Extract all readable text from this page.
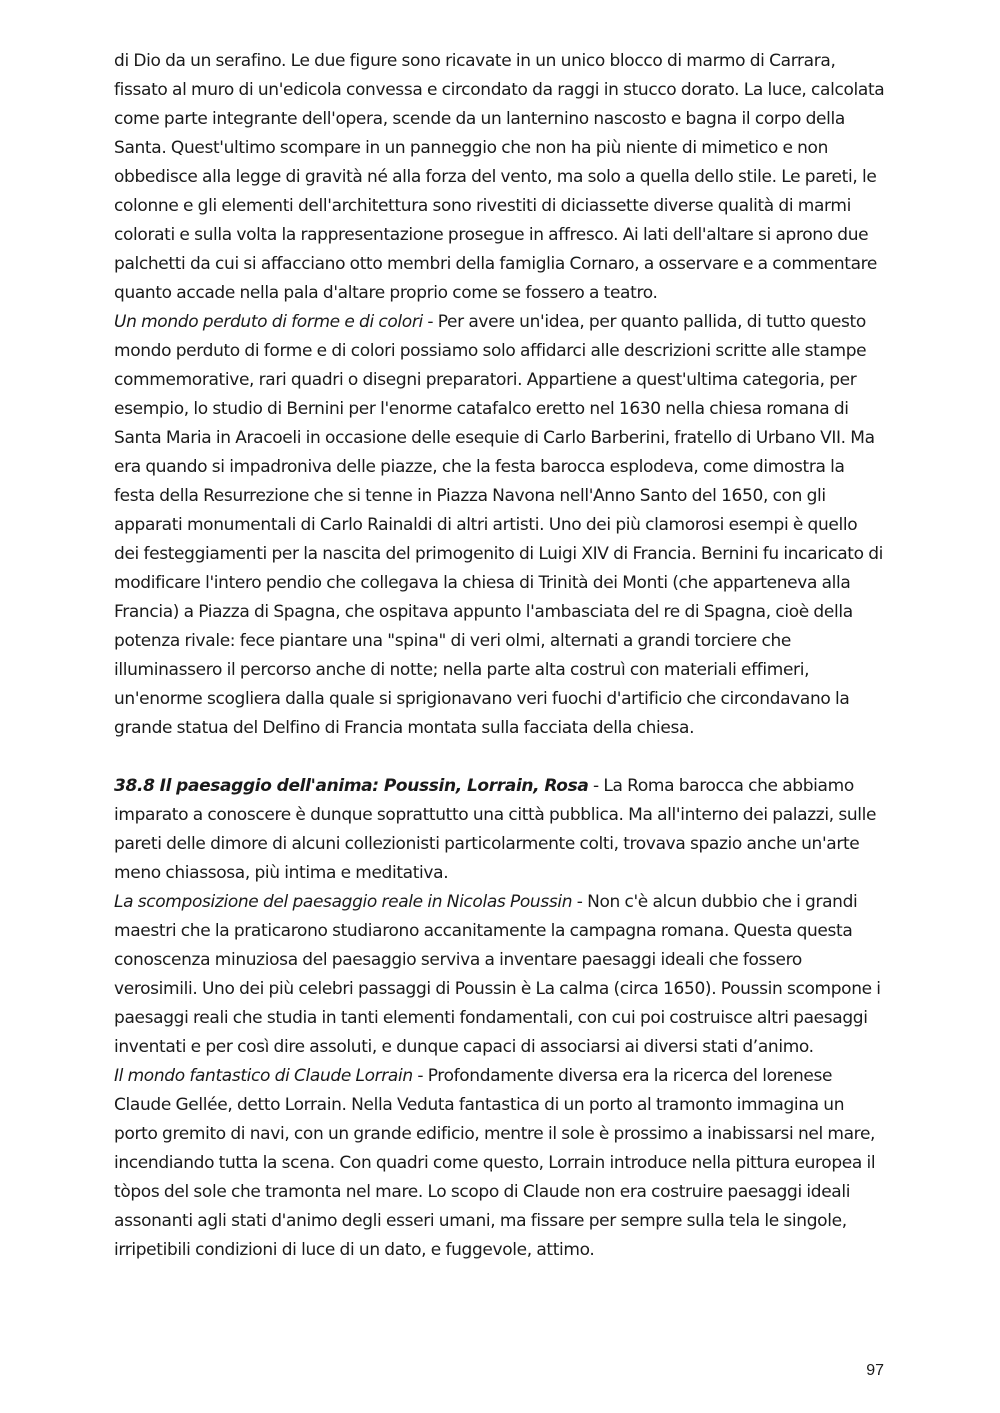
di Dio da un serafino. Le due figure sono ricavate in un unico blocco di marmo di Carrara, fissato al muro di un'edicola convessa e circondato da raggi in stucco dorato. La luce, calcolata come parte integrante dell'opera, scende da un lanternino nascosto e bagna il corpo della Santa. Quest'ultimo scompare in un panneggio che non ha più niente di mimetico e non obbedisce alla legge di gravità né alla forza del vento, ma solo a quella dello stile. Le pareti, le colonne e gli elementi dell'architettura sono rivestiti di diciassette diverse qualità di marmi colorati e sulla volta la rappresentazione prosegue in affresco. Ai lati dell'altare si aprono due palchetti da cui si affacciano otto membri della famiglia Cornaro, a osservare e a commentare quanto accade nella pala d'altare proprio come se fossero a teatro.

Un mondo perduto di forme e di colori - Per avere un'idea, per quanto pallida, di tutto questo mondo perduto di forme e di colori possiamo solo affidarci alle descrizioni scritte alle stampe commemorative, rari quadri o disegni preparatori. Appartiene a quest'ultima categoria, per esempio, lo studio di Bernini per l'enorme catafalco eretto nel 1630 nella chiesa romana di Santa Maria in Aracoeli in occasione delle esequie di Carlo Barberini, fratello di Urbano VII. Ma era quando si impadroniva delle piazze, che la festa barocca esplodeva, come dimostra la festa della Resurrezione che si tenne in Piazza Navona nell'Anno Santo del 1650, con gli apparati monumentali di Carlo Rainaldi di altri artisti. Uno dei più clamorosi esempi è quello dei festeggiamenti per la nascita del primogenito di Luigi XIV di Francia. Bernini fu incaricato di modificare l'intero pendio che collegava la chiesa di Trinità dei Monti (che apparteneva alla Francia) a Piazza di Spagna, che ospitava appunto l'ambasciata del re di Spagna, cioè della potenza rivale: fece piantare una "spina" di veri olmi, alternati a grandi torciere che illuminassero il percorso anche di notte; nella parte alta costruì con materiali effimeri, un'enorme scogliera dalla quale si sprigionavano veri fuochi d'artificio che circondavano la grande statua del Delfino di Francia montata sulla facciata della chiesa.

38.8 Il paesaggio dell'anima: Poussin, Lorrain, Rosa - La Roma barocca che abbiamo imparato a conoscere è dunque soprattutto una città pubblica. Ma all'interno dei palazzi, sulle pareti delle dimore di alcuni collezionisti particolarmente colti, trovava spazio anche un'arte meno chiassosa, più intima e meditativa.

La scomposizione del paesaggio reale in Nicolas Poussin - Non c'è alcun dubbio che i grandi maestri che la praticarono studiarono accanitamente la campagna romana. Questa questa conoscenza minuziosa del paesaggio serviva a inventare paesaggi ideali che fossero verosimili. Uno dei più celebri passaggi di Poussin è La calma (circa 1650). Poussin scompone i paesaggi reali che studia in tanti elementi fondamentali, con cui poi costruisce altri paesaggi inventati e per così dire assoluti, e dunque capaci di associarsi ai diversi stati d’animo.

Il mondo fantastico di Claude Lorrain - Profondamente diversa era la ricerca del lorenese Claude Gellée, detto Lorrain. Nella Veduta fantastica di un porto al tramonto immagina un porto gremito di navi, con un grande edificio, mentre il sole è prossimo a inabissarsi nel mare, incendiando tutta la scena. Con quadri come questo, Lorrain introduce nella pittura europea il tòpos del sole che tramonta nel mare. Lo scopo di Claude non era costruire paesaggi ideali assonanti agli stati d'animo degli esseri umani, ma fissare per sempre sulla tela le singole, irripetibili condizioni di luce di un dato, e fuggevole, attimo.

97
